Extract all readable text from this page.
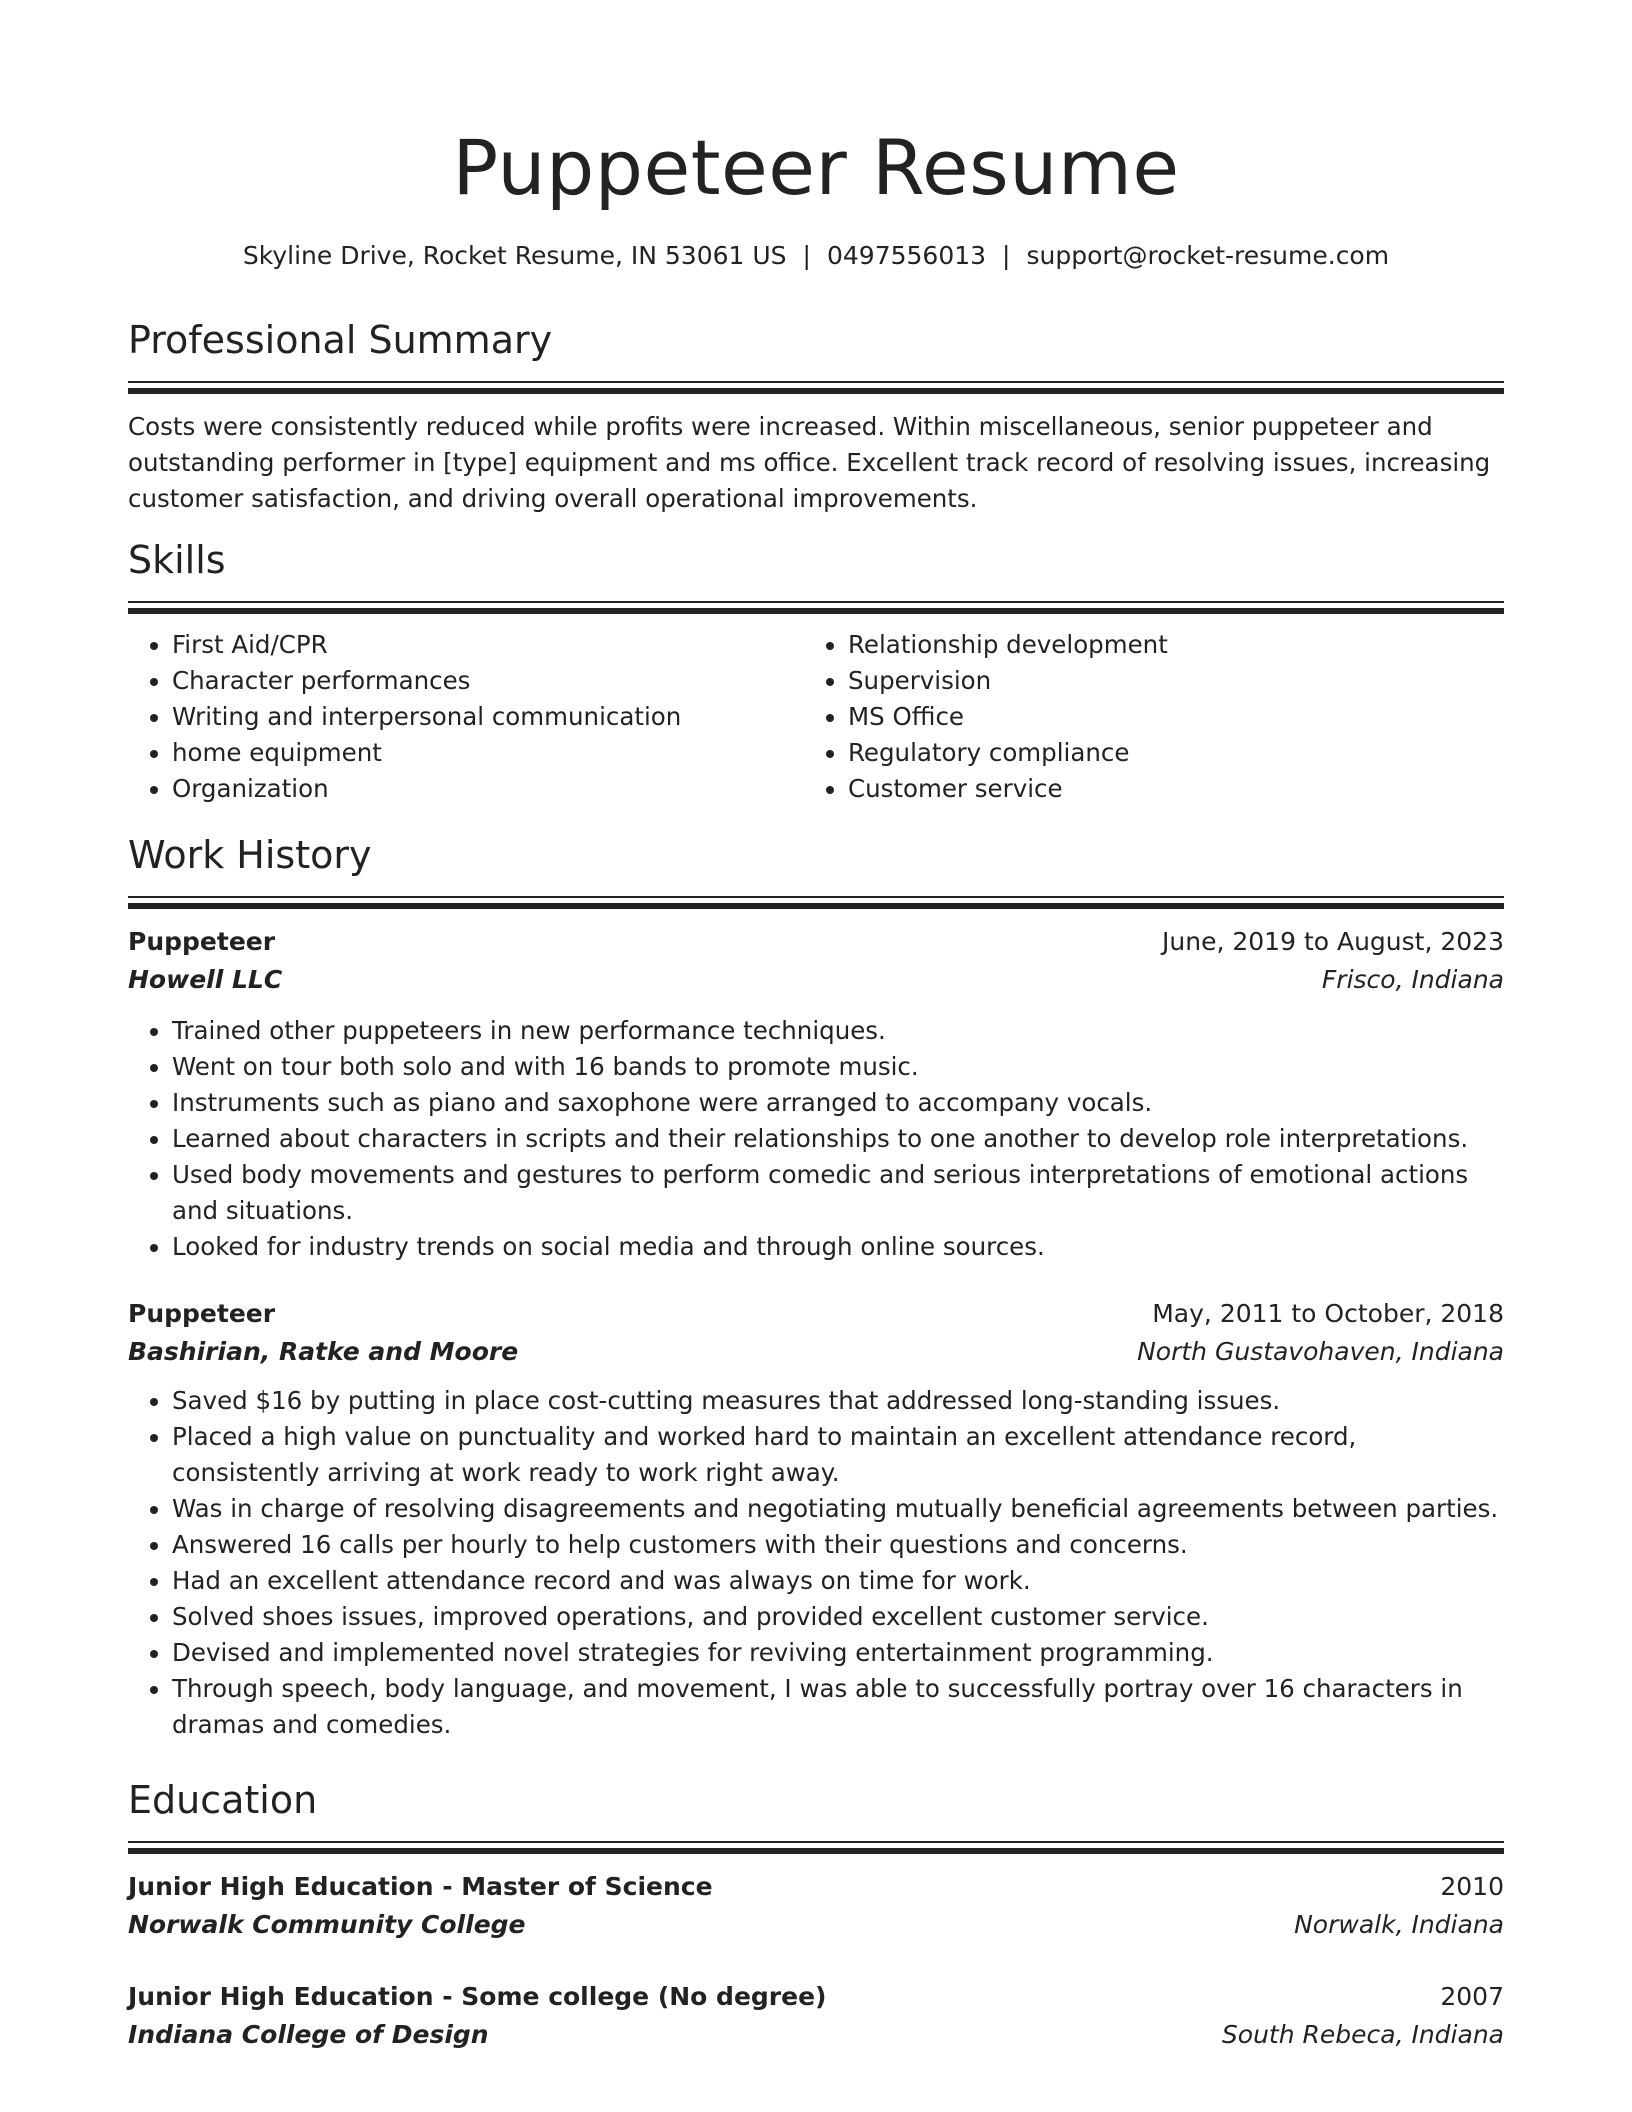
Puppeteer Resume
Skyline Drive, Rocket Resume, IN 53061 US | 0497556013 | support@rocket-resume.com
Professional Summary

Costs were consistently reduced while profits were increased. Within miscellaneous, senior puppeteer and outstanding performer in [type] equipment and ms office. Excellent track record of resolving issues, increasing customer satisfaction, and driving overall operational improvements.

Skills
• First Aid/CPR
• Character performances
• Writing and interpersonal communication
• home equipment
• Organization
• Relationship development
• Supervision
• MS Office
• Regulatory compliance
• Customer service
Work History
Puppeteer	June, 2019 to August, 2023
Howell LLC	Frisco, Indiana
• Trained other puppeteers in new performance techniques.
• Went on tour both solo and with 16 bands to promote music.
• Instruments such as piano and saxophone were arranged to accompany vocals.
• Learned about characters in scripts and their relationships to one another to develop role interpretations.
• Used body movements and gestures to perform comedic and serious interpretations of emotional actions and situations.
• Looked for industry trends on social media and through online sources.
Puppeteer	May, 2011 to October, 2018
Bashirian, Ratke and Moore	North Gustavohaven, Indiana
• Saved $16 by putting in place cost-cutting measures that addressed long-standing issues.
• Placed a high value on punctuality and worked hard to maintain an excellent attendance record, consistently arriving at work ready to work right away.
• Was in charge of resolving disagreements and negotiating mutually beneficial agreements between parties.
• Answered 16 calls per hourly to help customers with their questions and concerns.
• Had an excellent attendance record and was always on time for work.
• Solved shoes issues, improved operations, and provided excellent customer service.
• Devised and implemented novel strategies for reviving entertainment programming.
• Through speech, body language, and movement, I was able to successfully portray over 16 characters in dramas and comedies.
Education
Junior High Education - Master of Science	2010
Norwalk Community College	Norwalk, Indiana
Junior High Education - Some college (No degree)	2007
Indiana College of Design	South Rebeca, Indiana
